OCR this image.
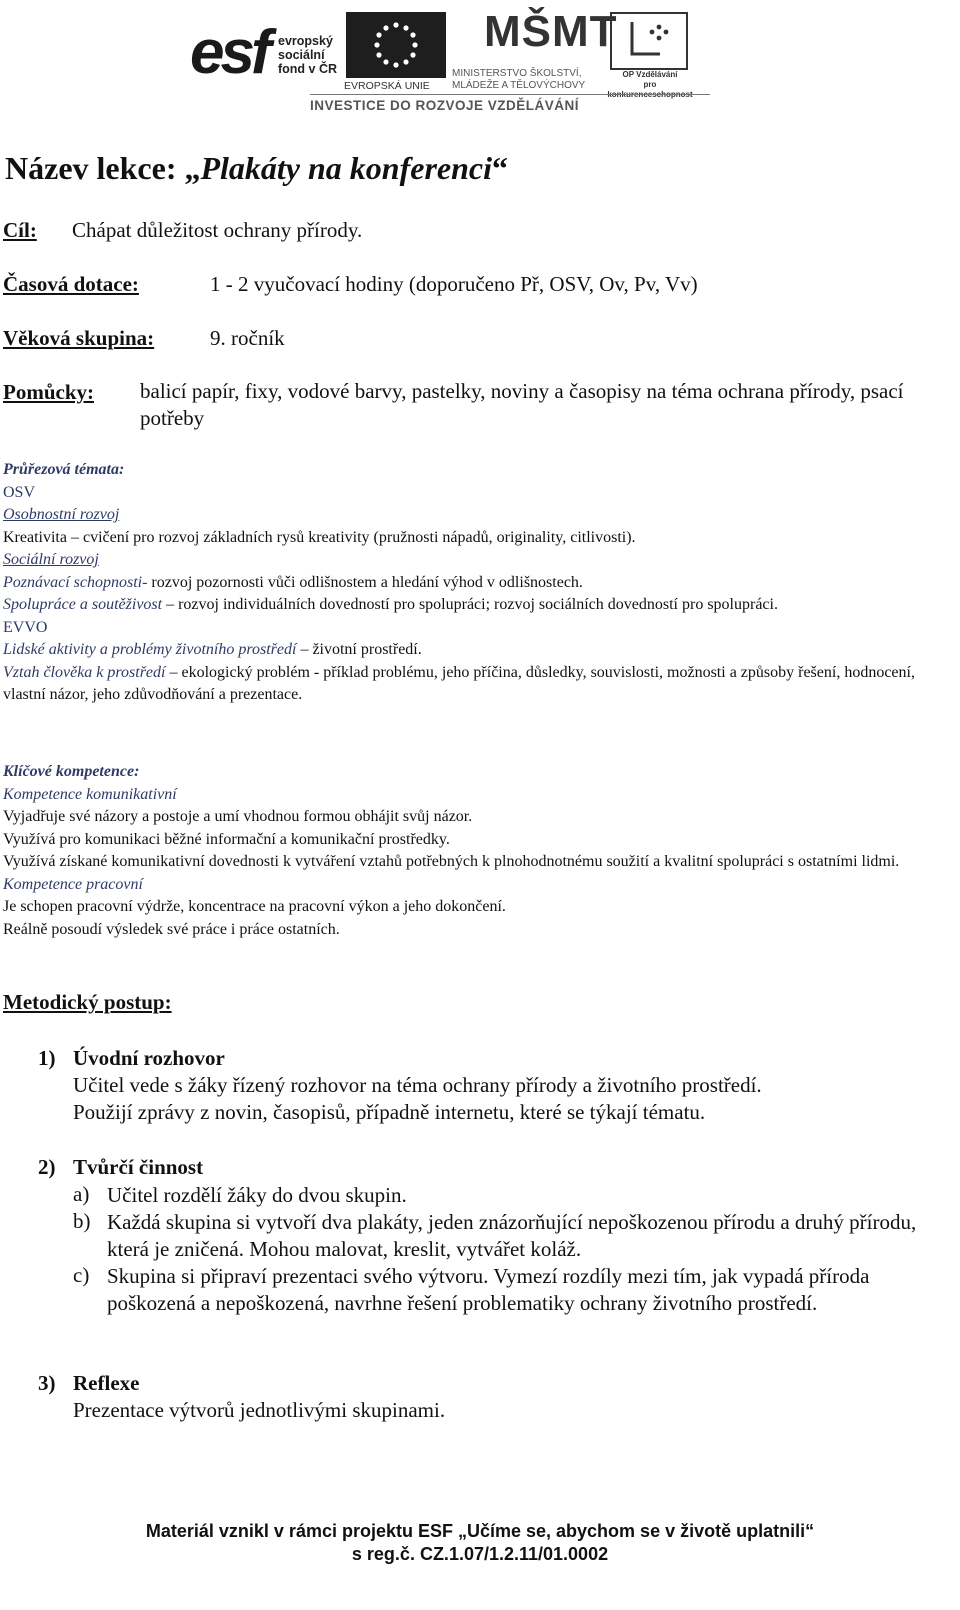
esf evropský
sociální
fond v ČR
EVROPSKÁ UNIE
MŠMT
MINISTERSTVO ŠKOLSTVÍ,
MLÁDEŽE A TĚLOVÝCHOVY
OP Vzdělávání
pro konkurenceschopnost
INVESTICE DO ROZVOJE VZDĚLÁVÁNÍ
Název lekce: „Plakáty na konferenci“
Cíl: Chápat důležitost ochrany přírody.
Časová dotace:	1 - 2 vyučovací hodiny (doporučeno Př, OSV, Ov, Pv, Vv)
Věková skupina:	9. ročník
Pomůcky: balicí papír, fixy, vodové barvy, pastelky, noviny a časopisy na téma ochrana přírody, psací potřeby

Průřezová témata:

OSV

Osobnostní rozvoj

Kreativita – cvičení pro rozvoj základních rysů kreativity (pružnosti nápadů, originality, citlivosti).

Sociální rozvoj

Poznávací schopnosti- rozvoj pozornosti vůči odlišnostem a hledání výhod v odlišnostech.

Spolupráce a soutěživost – rozvoj individuálních dovedností pro spolupráci; rozvoj sociálních dovedností pro spolupráci.

EVVO

Lidské aktivity a problémy životního prostředí – životní prostředí.

Vztah člověka k prostředí – ekologický problém - příklad problému, jeho příčina, důsledky, souvislosti, možnosti a způsoby řešení, hodnocení, vlastní názor, jeho zdůvodňování a prezentace.

Klíčové kompetence:

Kompetence komunikativní

Vyjadřuje své názory a postoje a umí vhodnou formou obhájit svůj názor.

Využívá pro komunikaci běžné informační a komunikační prostředky.

Využívá získané komunikativní dovednosti k vytváření vztahů potřebných k plnohodnotnému soužití a kvalitní spolupráci s ostatními lidmi.

Kompetence pracovní

Je schopen pracovní výdrže, koncentrace na pracovní výkon a jeho dokončení.

Reálně posoudí výsledek své práce i práce ostatních.

Metodický postup:
1) Úvodní rozhovor
Učitel vede s žáky řízený rozhovor na téma ochrany přírody a životního prostředí.
Použijí zprávy z novin, časopisů, případně internetu, které se týkají tématu.
2) Tvůrčí činnost
a) Učitel rozdělí žáky do dvou skupin.
b) Každá skupina si vytvoří dva plakáty, jeden znázorňující nepoškozenou přírodu a druhý přírodu, která je zničená. Mohou malovat, kreslit, vytvářet koláž.
c) Skupina si připraví prezentaci svého výtvoru. Vymezí rozdíly mezi tím, jak vypadá příroda poškozená a nepoškozená, navrhne řešení problematiky ochrany životního prostředí.
3) Reflexe
Prezentace výtvorů jednotlivými skupinami.
Materiál vznikl v rámci projektu ESF „Učíme se, abychom se v životě uplatnili“
s reg.č. CZ.1.07/1.2.11/01.0002
